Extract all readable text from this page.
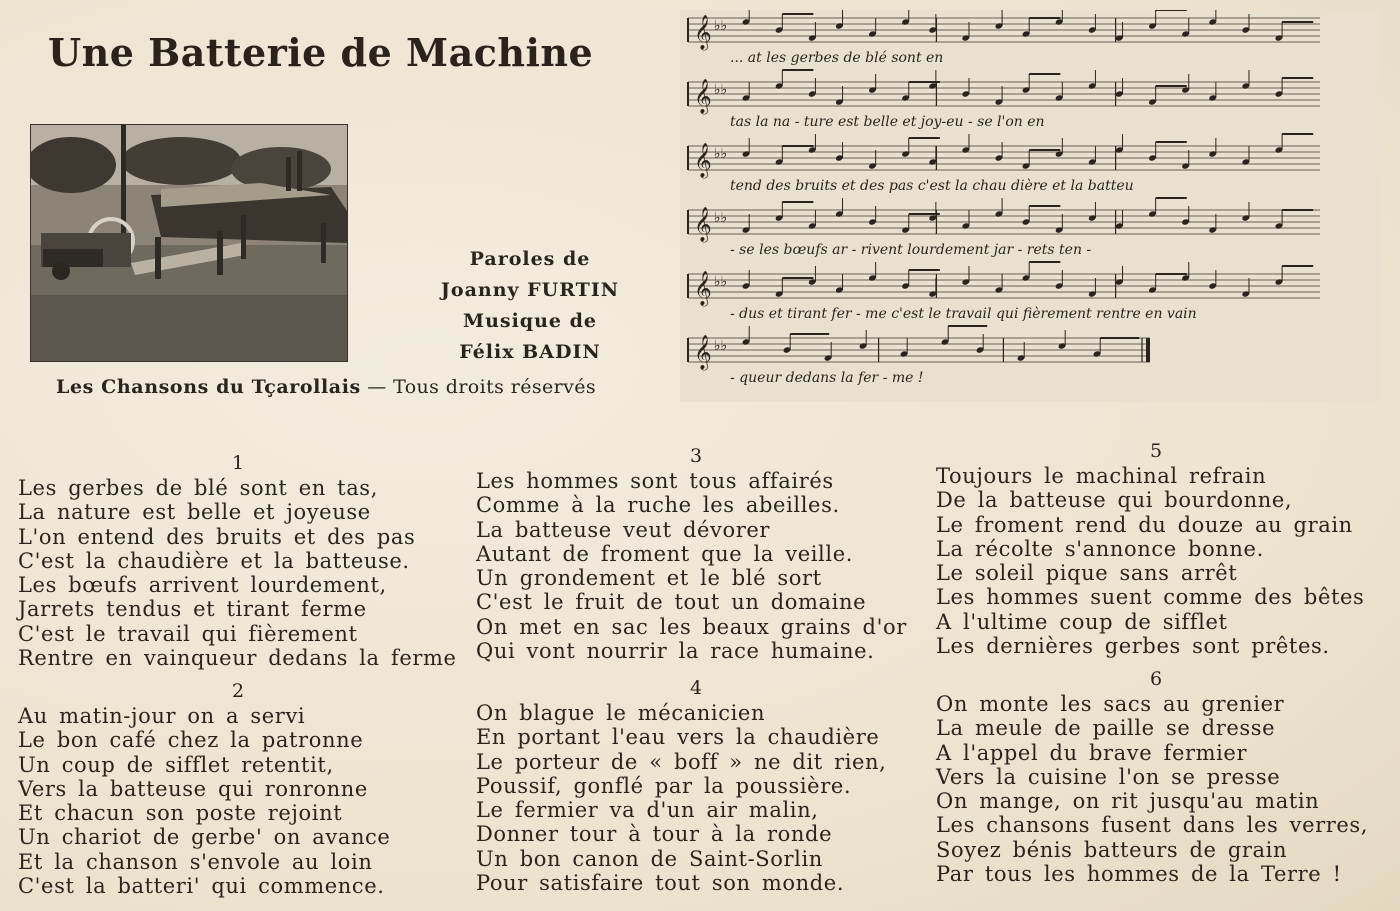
Une Batterie de Machine
Paroles de
Joanny FURTIN
Musique de
Félix BADIN
Les Chansons du Tçarollais — Tous droits réservés
𝄞 ♭♭
... at les gerbes de blé sont en
𝄞 ♭♭
tas la na - ture est belle et joy-eu - se l'on en
𝄞 ♭♭
tend des bruits et des pas c'est la chau dière et la batteu
𝄞 ♭♭
- se les bœufs ar - rivent lourdement jar - rets ten -
𝄞 ♭♭
- dus et tirant fer - me c'est le travail qui fièrement rentre en vain
𝄞 ♭♭
- queur dedans la fer - me !
1
Les gerbes de blé sont en tas,
La nature est belle et joyeuse
L'on entend des bruits et des pas
C'est la chaudière et la batteuse.
Les bœufs arrivent lourdement,
Jarrets tendus et tirant ferme
C'est le travail qui fièrement
Rentre en vainqueur dedans la ferme
2
Au matin-jour on a servi
Le bon café chez la patronne
Un coup de sifflet retentit,
Vers la batteuse qui ronronne
Et chacun son poste rejoint
Un chariot de gerbe' on avance
Et la chanson s'envole au loin
C'est la batteri' qui commence.
3
Les hommes sont tous affairés
Comme à la ruche les abeilles.
La batteuse veut dévorer
Autant de froment que la veille.
Un grondement et le blé sort
C'est le fruit de tout un domaine
On met en sac les beaux grains d'or
Qui vont nourrir la race humaine.
4
On blague le mécanicien
En portant l'eau vers la chaudière
Le porteur de « boff » ne dit rien,
Poussif, gonflé par la poussière.
Le fermier va d'un air malin,
Donner tour à tour à la ronde
Un bon canon de Saint-Sorlin
Pour satisfaire tout son monde.
5
Toujours le machinal refrain
De la batteuse qui bourdonne,
Le froment rend du douze au grain
La récolte s'annonce bonne.
Le soleil pique sans arrêt
Les hommes suent comme des bêtes
A l'ultime coup de sifflet
Les dernières gerbes sont prêtes.
6
On monte les sacs au grenier
La meule de paille se dresse
A l'appel du brave fermier
Vers la cuisine l'on se presse
On mange, on rit jusqu'au matin
Les chansons fusent dans les verres,
Soyez bénis batteurs de grain
Par tous les hommes de la Terre !
